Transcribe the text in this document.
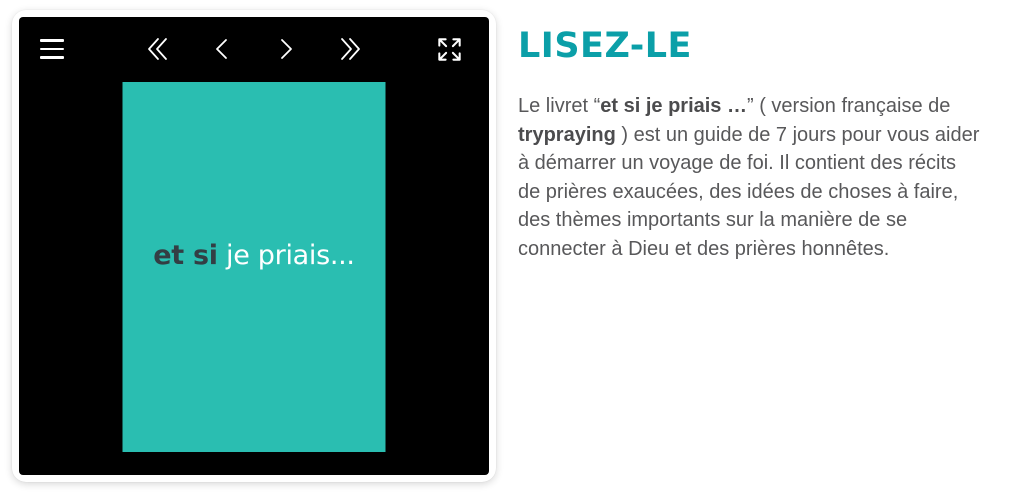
et si je priais...
LISEZ-LE

Le livret “et si je priais …” ( version française de trypraying ) est un guide de 7 jours pour vous aider à démarrer un voyage de foi. Il contient des récits de prières exaucées, des idées de choses à faire, des thèmes importants sur la manière de se connecter à Dieu et des prières honnêtes.
